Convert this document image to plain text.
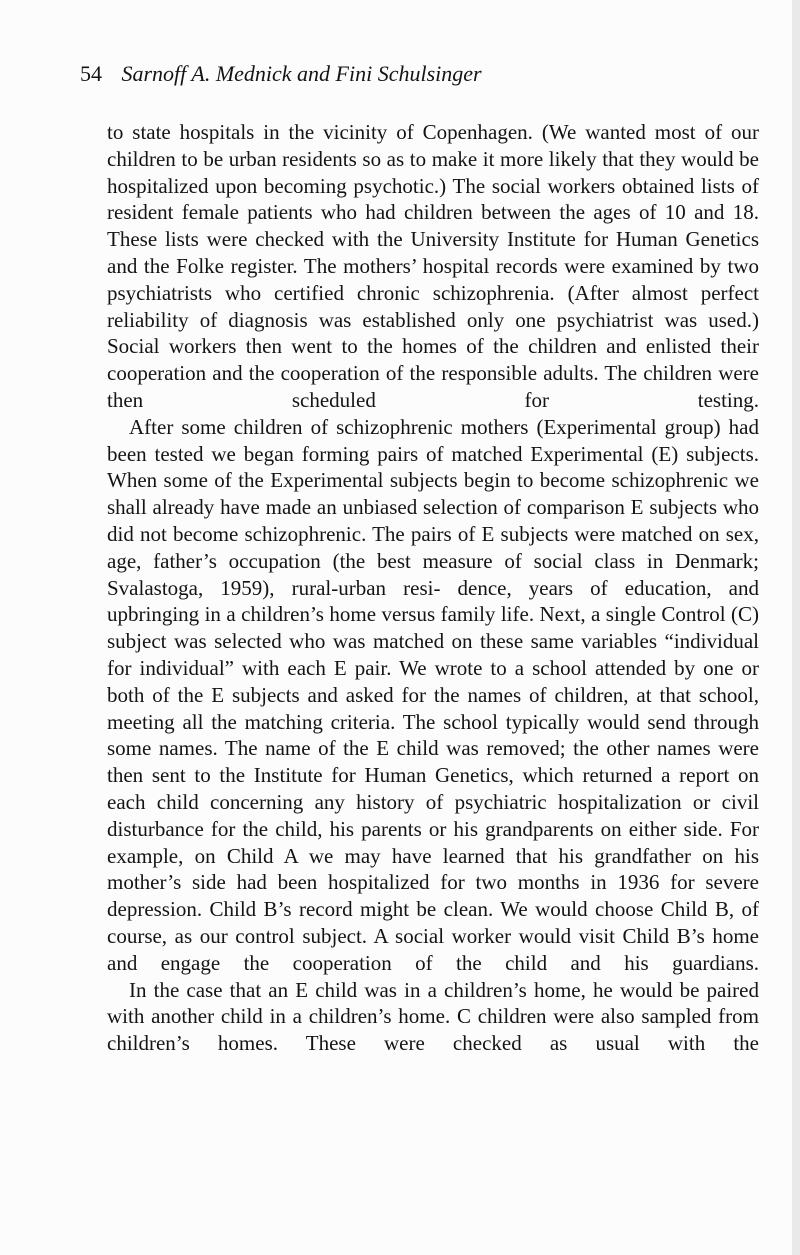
54 Sarnoff A. Mednick and Fini Schulsinger

to state hospitals in the vicinity of Copenhagen. (We wanted most of our children to be urban residents so as to make it more likely that they would be hospitalized upon becoming psychotic.) The social workers obtained lists of resident female patients who had children between the ages of 10 and 18. These lists were checked with the University Institute for Human Genetics and the Folke register. The mothers’ hospital records were examined by two psychiatrists who certified chronic schizophrenia. (After almost perfect reliability of diagnosis was established only one psychiatrist was used.) Social workers then went to the homes of the children and enlisted their cooperation and the cooperation of the responsible adults. The children were then scheduled for testing.

After some children of schizophrenic mothers (Experimental group) had been tested we began forming pairs of matched Experimental (E) subjects. When some of the Experimental subjects begin to become schizophrenic we shall already have made an unbiased selection of comparison E subjects who did not become schizophrenic. The pairs of E subjects were matched on sex, age, father’s occupation (the best measure of social class in Denmark; Svalastoga, 1959), rural-urban resi- dence, years of education, and upbringing in a children’s home versus family life. Next, a single Control (C) subject was selected who was matched on these same variables “individual for individual” with each E pair. We wrote to a school attended by one or both of the E subjects and asked for the names of children, at that school, meeting all the matching criteria. The school typically would send through some names. The name of the E child was removed; the other names were then sent to the Institute for Human Genetics, which returned a report on each child concerning any history of psychiatric hospitalization or civil disturbance for the child, his parents or his grandparents on either side. For example, on Child A we may have learned that his grandfather on his mother’s side had been hospitalized for two months in 1936 for severe depression. Child B’s record might be clean. We would choose Child B, of course, as our control subject. A social worker would visit Child B’s home and engage the cooperation of the child and his guardians.

In the case that an E child was in a children’s home, he would be paired with another child in a children’s home. C children were also sampled from children’s homes. These were checked as usual with the
